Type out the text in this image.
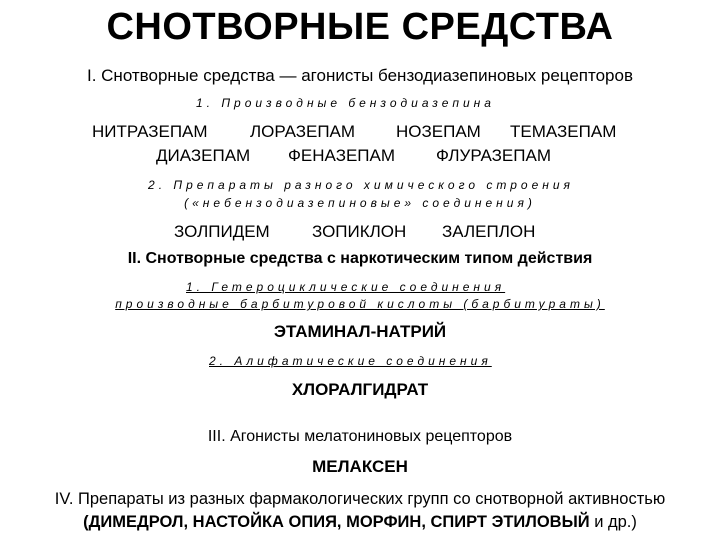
СНОТВОРНЫЕ СРЕДСТВА
I. Снотворные средства — агонисты бензодиазепиновых рецепторов
1. Производные бензодиазепина
НИТРАЗЕПАМ ЛОРАЗЕПАМ НОЗЕПАМ ТЕМАЗЕПАМ
ДИАЗЕПАМ ФЕНАЗЕПАМ ФЛУРАЗЕПАМ
2. Препараты разного химического строения
(«небензодиазепиновые» соединения)
ЗОЛПИДЕМ ЗОПИКЛОН ЗАЛЕПЛОН
II. Снотворные средства с наркотическим типом действия
1. Гетероциклические соединения
производные барбитуровой кислоты (барбитураты)
ЭТАМИНАЛ-НАТРИЙ
2. Алифатические соединения
ХЛОРАЛГИДРАТ
III. Агонисты мелатониновых рецепторов
МЕЛАКСЕН
IV. Препараты из разных фармакологических групп со снотворной активностью
(ДИМЕДРОЛ, НАСТОЙКА ОПИЯ, МОРФИН, СПИРТ ЭТИЛОВЫЙ и др.)
